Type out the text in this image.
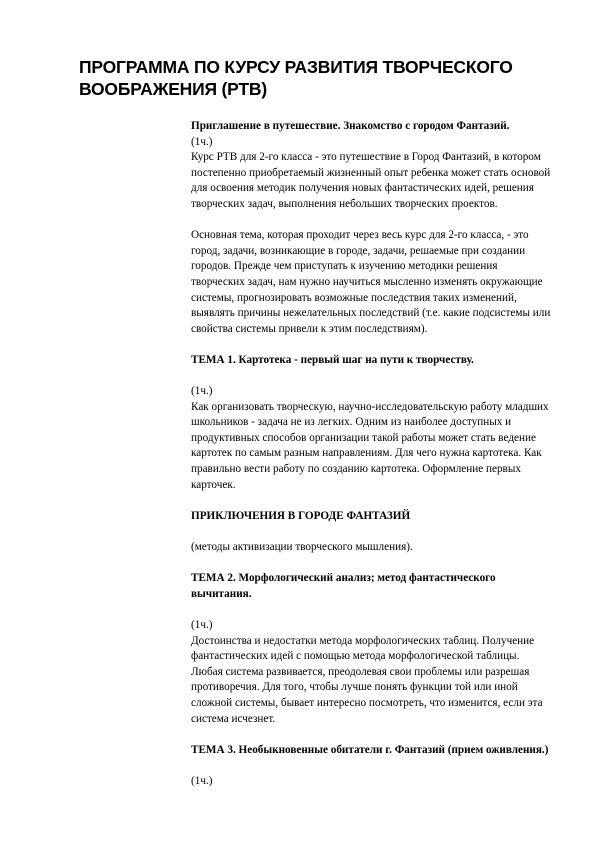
ПРОГРАММА ПО КУРСУ РАЗВИТИЯ ТВОРЧЕСКОГО ВООБРАЖЕНИЯ (РТВ)

Приглашение в путешествие. Знакомство с городом Фантазий.

(1ч.)

Курс РТВ для 2-го класса - это путешествие в Город Фантазий, в котором постепенно приобретаемый жизненный опыт ребенка может стать основой для освоения методик получения новых фантастических идей, решения творческих задач, выполнения небольших творческих проектов.

Основная тема, которая проходит через весь курс для 2-го класса, - это город, задачи, возникающие в городе, задачи, решаемые при создании городов. Прежде чем приступать к изучению методики решения творческих задач, нам нужно научиться мысленно изменять окружающие системы, прогнозировать возможные последствия таких изменений, выявлять причины нежелательных последствий (т.е. какие подсистемы или свойства системы привели к этим последствиям).

ТЕМА 1. Картотека - первый шаг на пути к творчеству.

(1ч.)

Как организовать творческую, научно-исследовательскую работу младших школьников - задача не из легких. Одним из наиболее доступных и продуктивных способов организации такой работы может стать ведение картотек по самым разным направлениям. Для чего нужна картотека. Как правильно вести работу по созданию картотека. Оформление первых карточек.

ПРИКЛЮЧЕНИЯ В ГОРОДЕ ФАНТАЗИЙ

(методы активизации творческого мышления).

ТЕМА 2. Морфологический анализ; метод фантастического вычитания.

(1ч.)

Достоинства и недостатки метода морфологических таблиц. Получение фантастических идей с помощью метода морфологической таблицы. Любая система развивается, преодолевая свои проблемы или разрешая противоречия. Для того, чтобы лучше понять функции той или иной сложной системы, бывает интересно посмотреть, что изменится, если эта система исчезнет.

ТЕМА 3. Необыкновенные обитатели г. Фантазий (прием оживления.)

(1ч.)
